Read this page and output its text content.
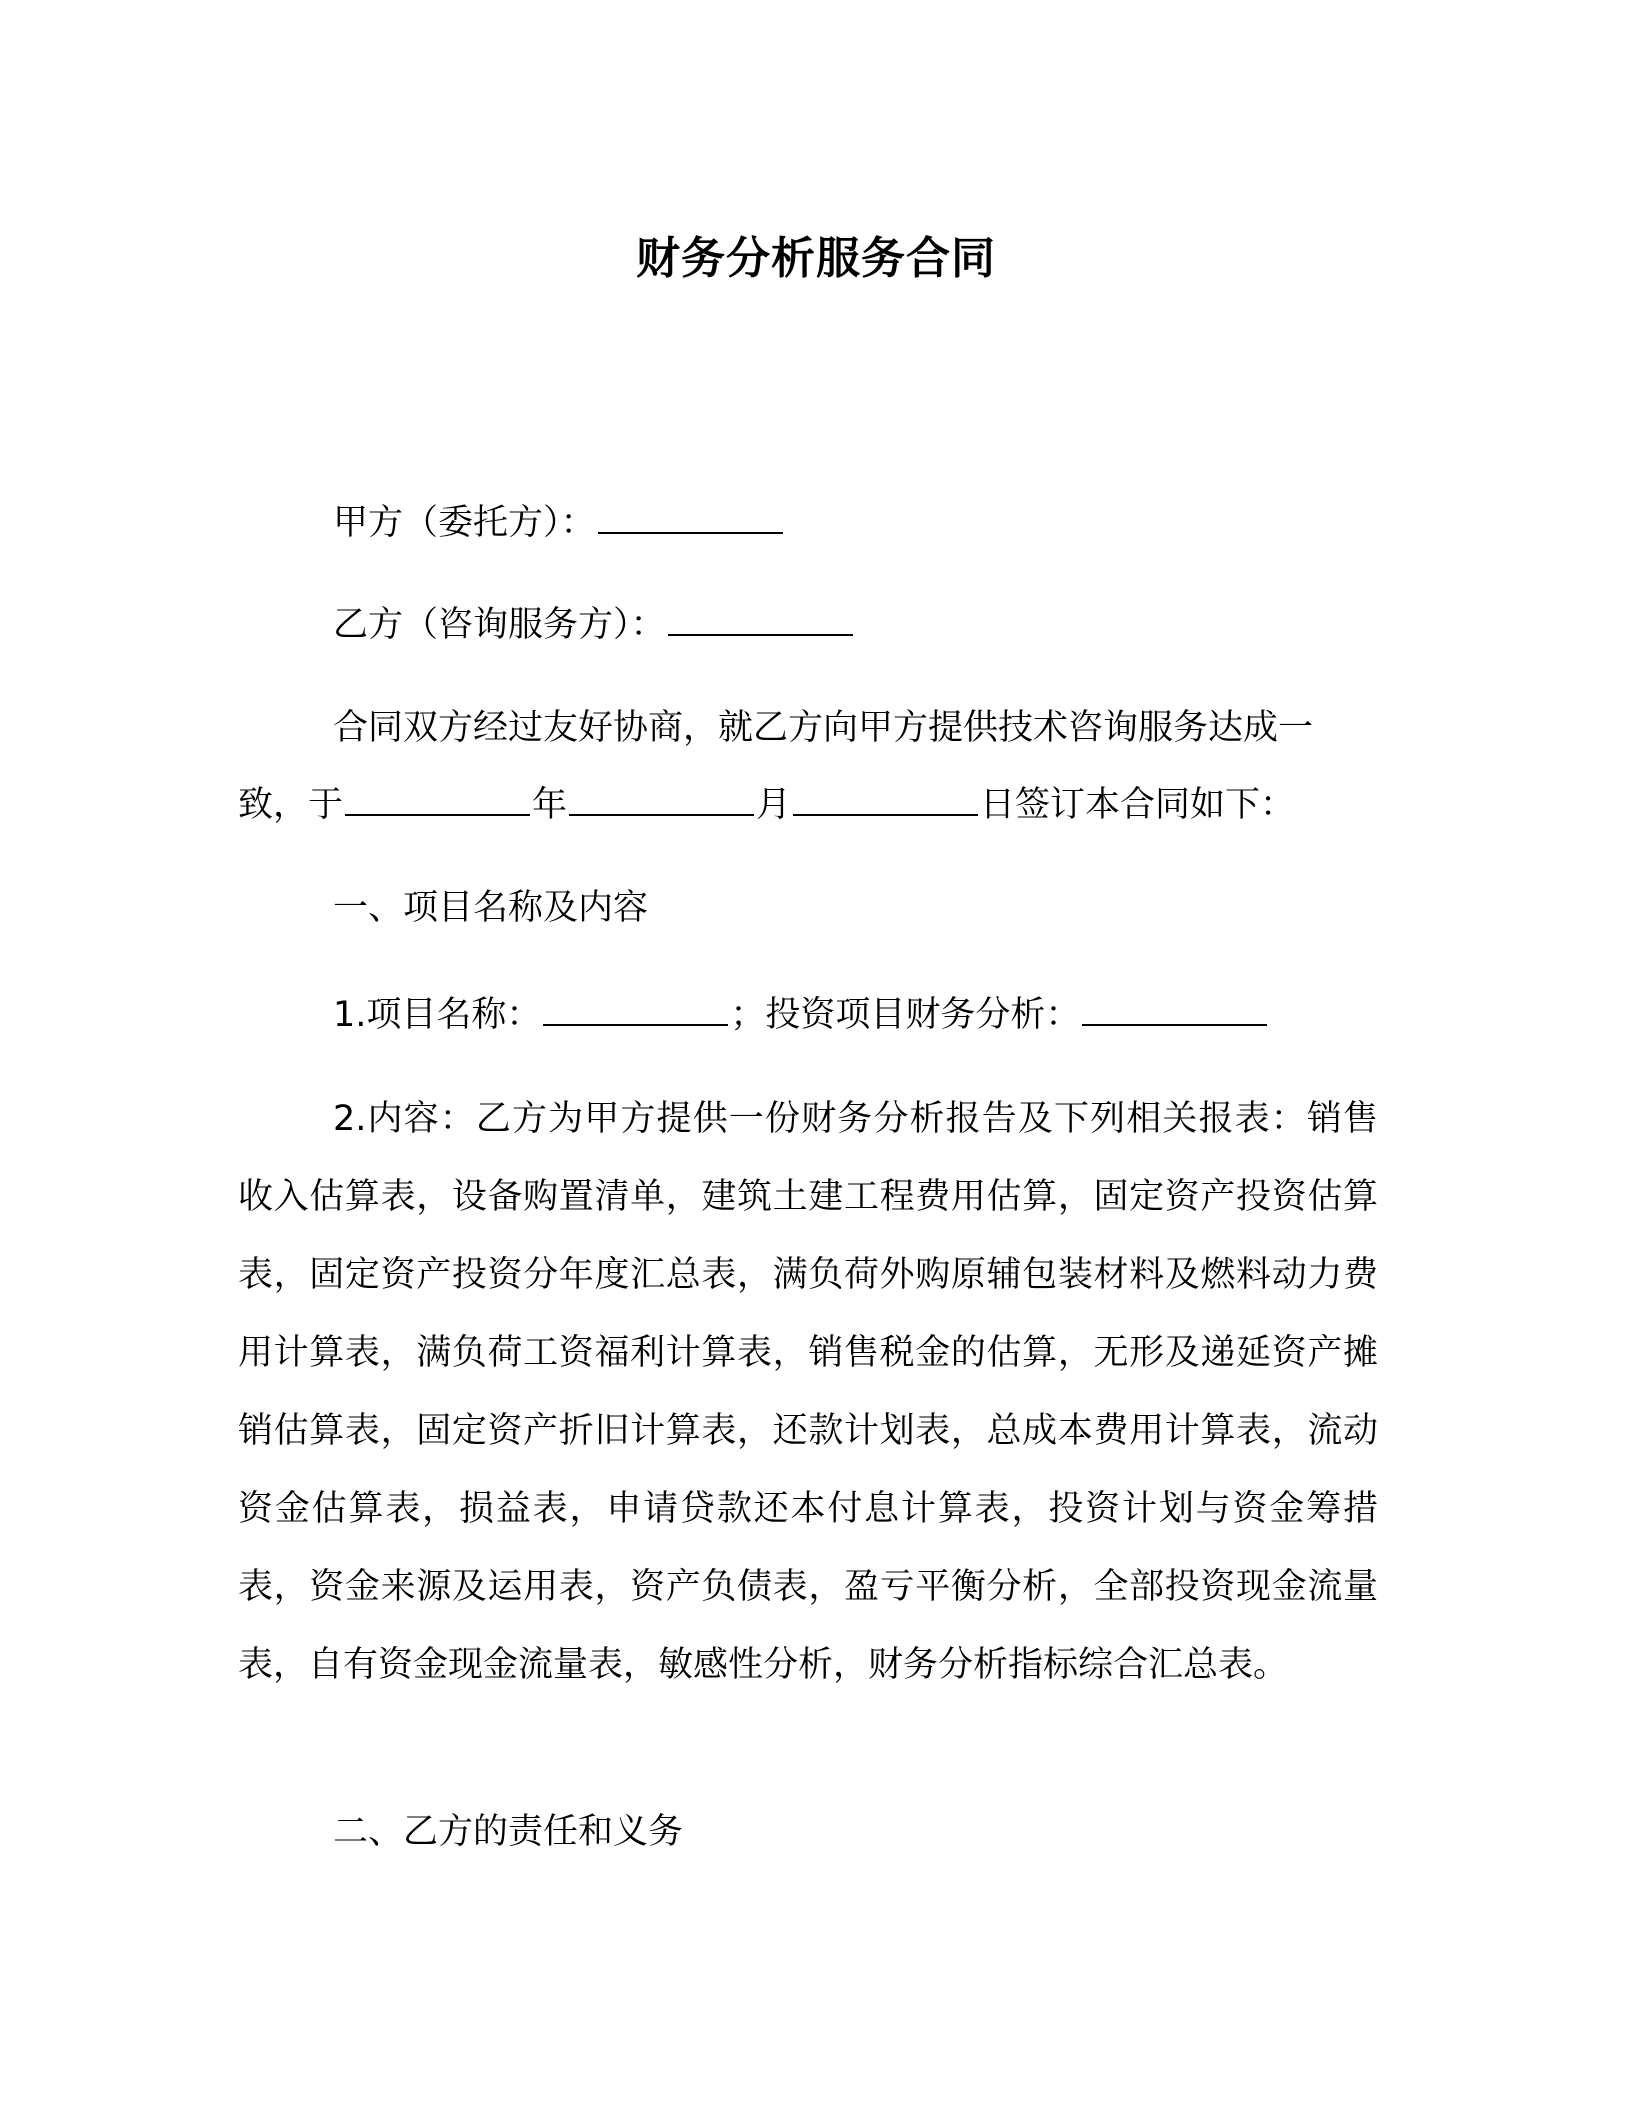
财务分析服务合同
甲方（委托方）：
乙方（咨询服务方）：
合同双方经过友好协商，就乙方向甲方提供技术咨询服务达成一
致，于	年	月	日签订本合同如下：
一、项目名称及内容
1.项目名称：	；投资项目财务分析：
2.内容：乙方为甲方提供一份财务分析报告及下列相关报表：销售收入估算表，设备购置清单，建筑土建工程费用估算，固定资产投资估算表，固定资产投资分年度汇总表，满负荷外购原辅包装材料及燃料动力费用计算表，满负荷工资福利计算表，销售税金的估算，无形及递延资产摊销估算表，固定资产折旧计算表，还款计划表，总成本费用计算表，流动资金估算表，损益表，申请贷款还本付息计算表，投资计划与资金筹措表，资金来源及运用表，资产负债表，盈亏平衡分析，全部投资现金流量表，自有资金现金流量表，敏感性分析，财务分析指标综合汇总表。
二、乙方的责任和义务
